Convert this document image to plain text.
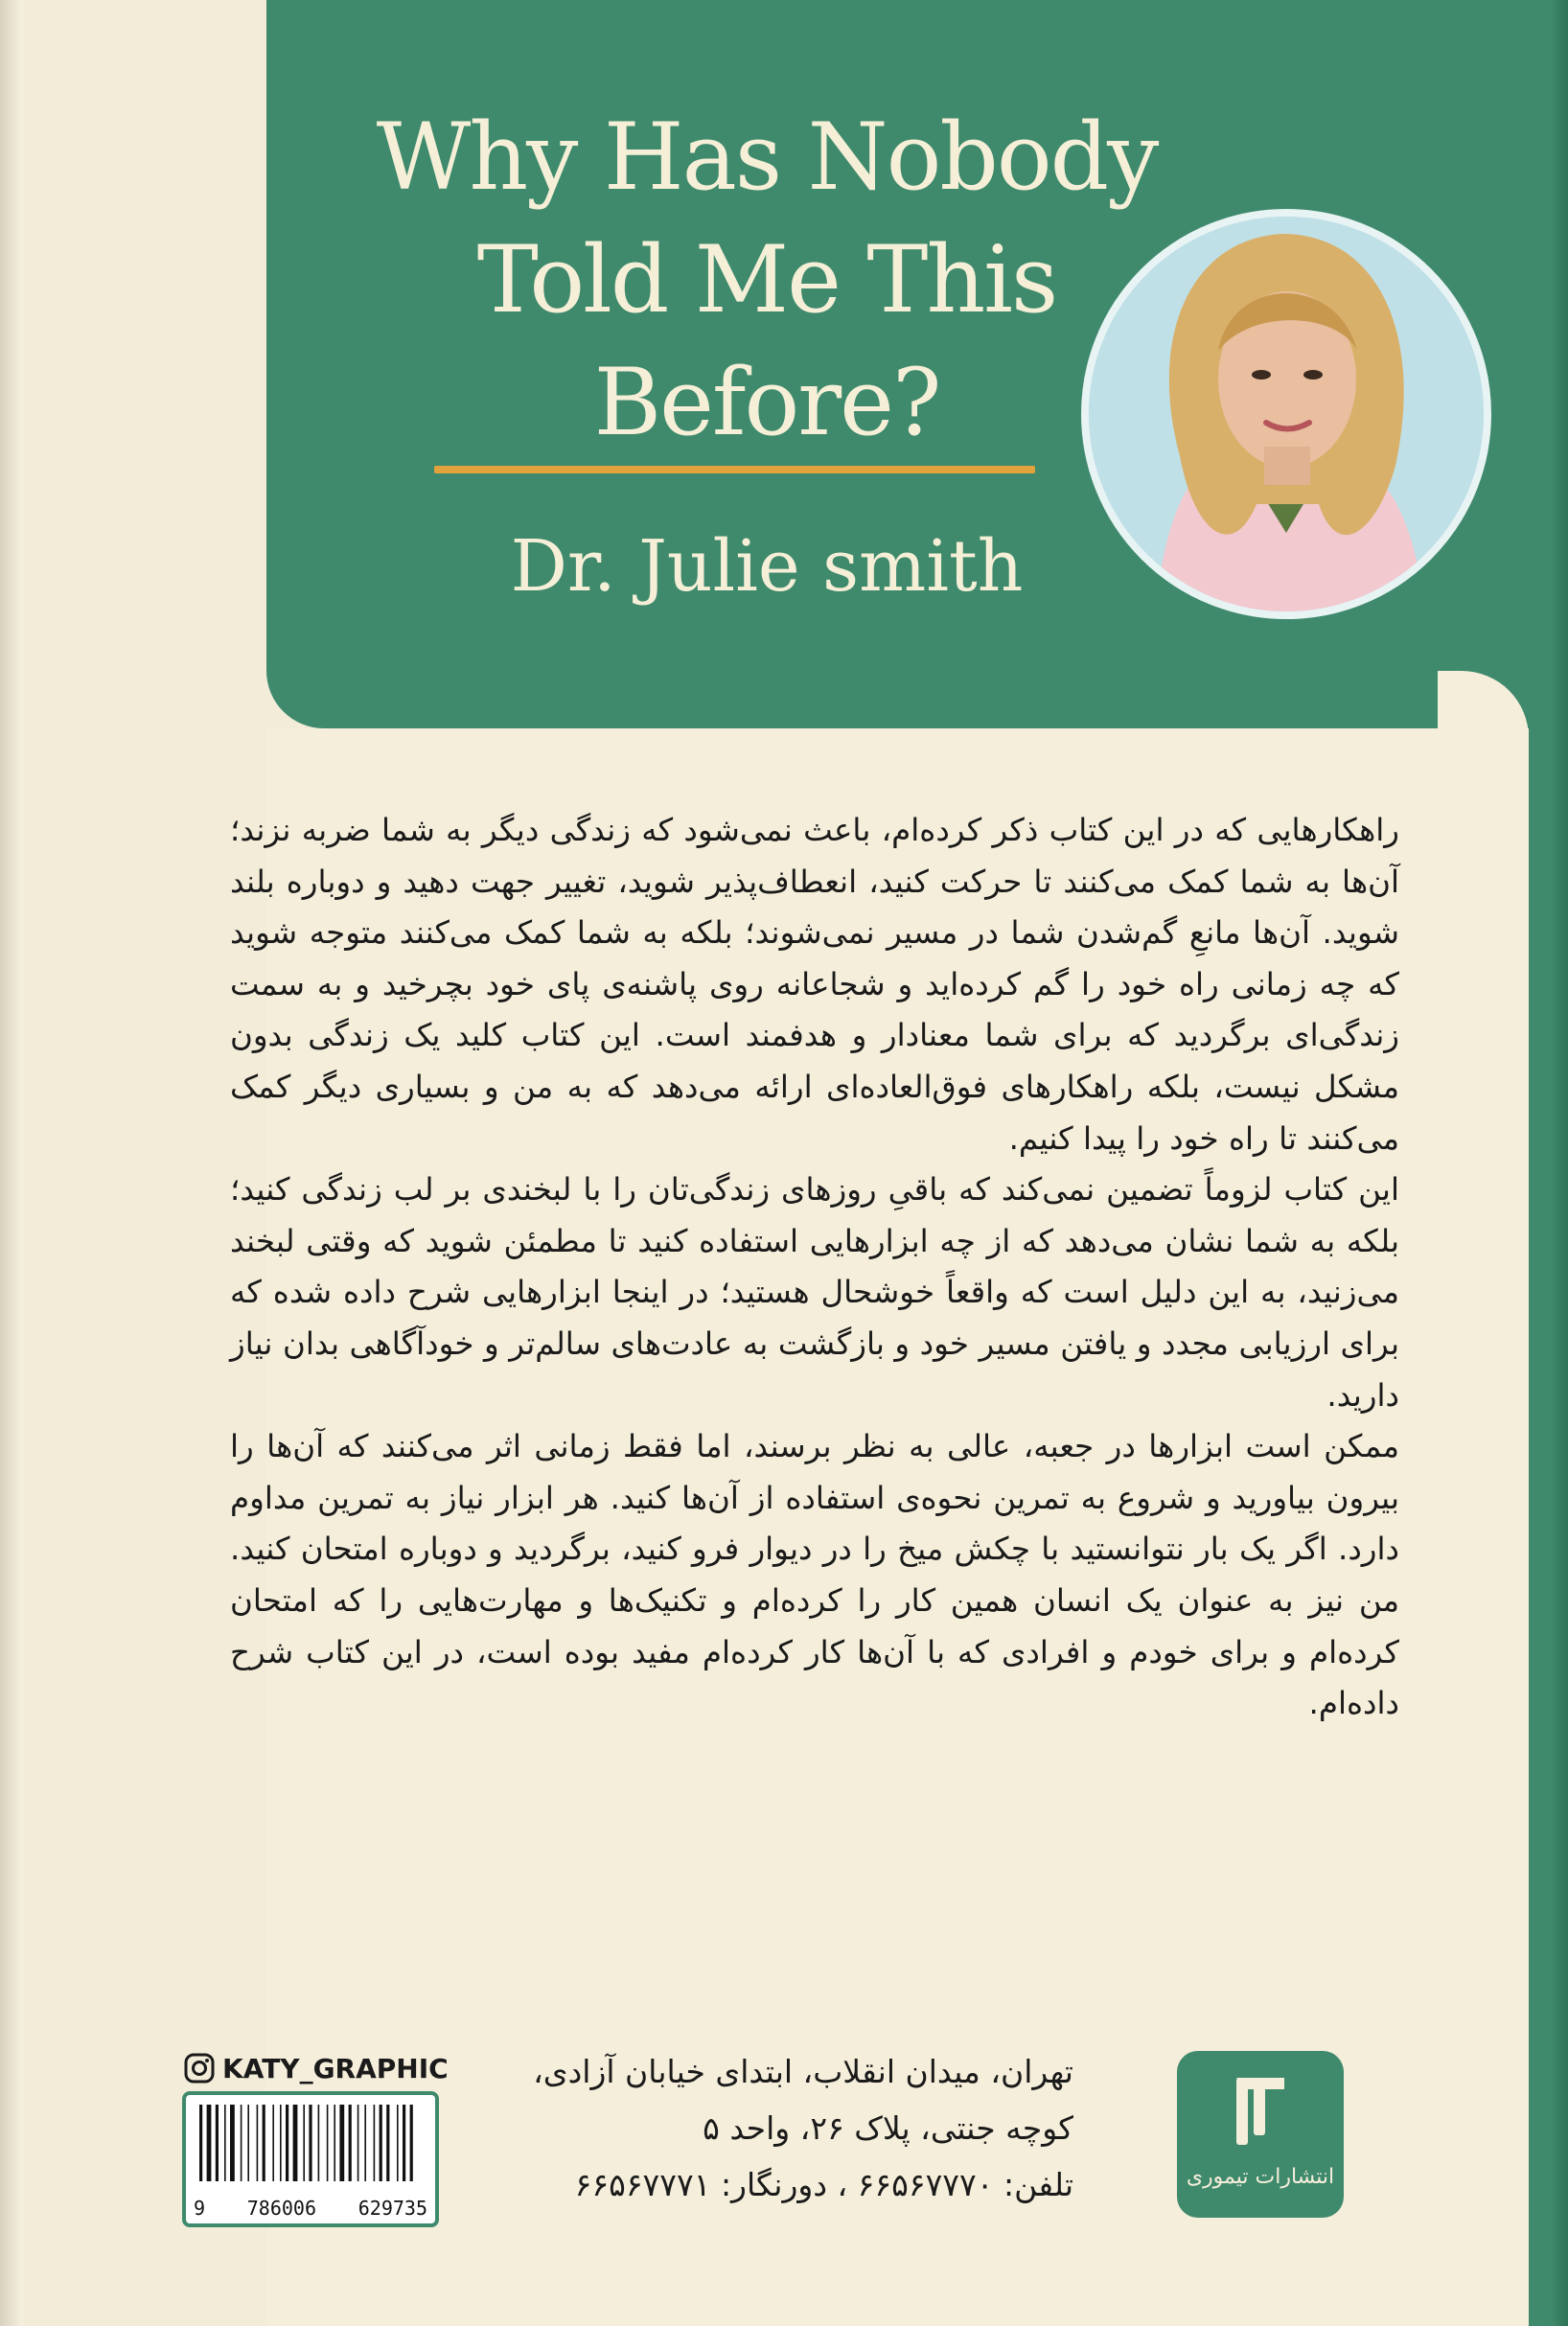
Why Has Nobody
Told Me This
Before?
Dr. Julie smith

راهکارهایی که در این کتاب ذکر کرده‌ام، باعث نمی‌شود که زندگی دیگر به شما ضربه نزند؛ آن‌ها به شما کمک می‌کنند تا حرکت کنید، انعطاف‌پذیر شوید، تغییر جهت دهید و دوباره بلند شوید. آن‌ها مانعِ گم‌شدن شما در مسیر نمی‌شوند؛ بلکه به شما کمک می‌کنند متوجه شوید که چه زمانی راه خود را گم کرده‌اید و شجاعانه روی پاشنه‌ی پای خود بچرخید و به سمت زندگی‌ای برگردید که برای شما معنادار و هدفمند است. این کتاب کلید یک زندگی بدون مشکل نیست، بلکه راهکارهای فوق‌العاده‌ای ارائه می‌دهد که به من و بسیاری دیگر کمک می‌کنند تا راه خود را پیدا کنیم.

این کتاب لزوماً تضمین نمی‌کند که باقیِ روزهای زندگی‌تان را با لبخندی بر لب زندگی کنید؛ بلکه به شما نشان می‌دهد که از چه ابزارهایی استفاده کنید تا مطمئن شوید که وقتی لبخند می‌زنید، به این دلیل است که واقعاً خوشحال هستید؛ در اینجا ابزارهایی شرح داده شده که برای ارزیابی مجدد و یافتن مسیر خود و بازگشت به عادت‌های سالم‌تر و خودآگاهی بدان نیاز دارید.

ممکن است ابزارها در جعبه، عالی به نظر برسند، اما فقط زمانی اثر می‌کنند که آن‌ها را بیرون بیاورید و شروع به تمرین نحوه‌ی استفاده از آن‌ها کنید. هر ابزار نیاز به تمرین مداوم دارد. اگر یک بار نتوانستید با چکش میخ را در دیوار فرو کنید، برگردید و دوباره امتحان کنید. من نیز به عنوان یک انسان همین کار را کرده‌ام و تکنیک‌ها و مهارت‌هایی را که امتحان کرده‌ام و برای خودم و افرادی که با آن‌ها کار کرده‌ام مفید بوده است، در این کتاب شرح داده‌ام.

انتشارات تیموری
تهران، میدان انقلاب، ابتدای خیابان آزادی،
کوچه جنتی، پلاک ۲۶، واحد ۵
تلفن: ۶۶۵۶۷۷۷۰ ، دورنگار: ۶۶۵۶۷۷۷۱
KATY_GRAPHIC
9 786006 629735
